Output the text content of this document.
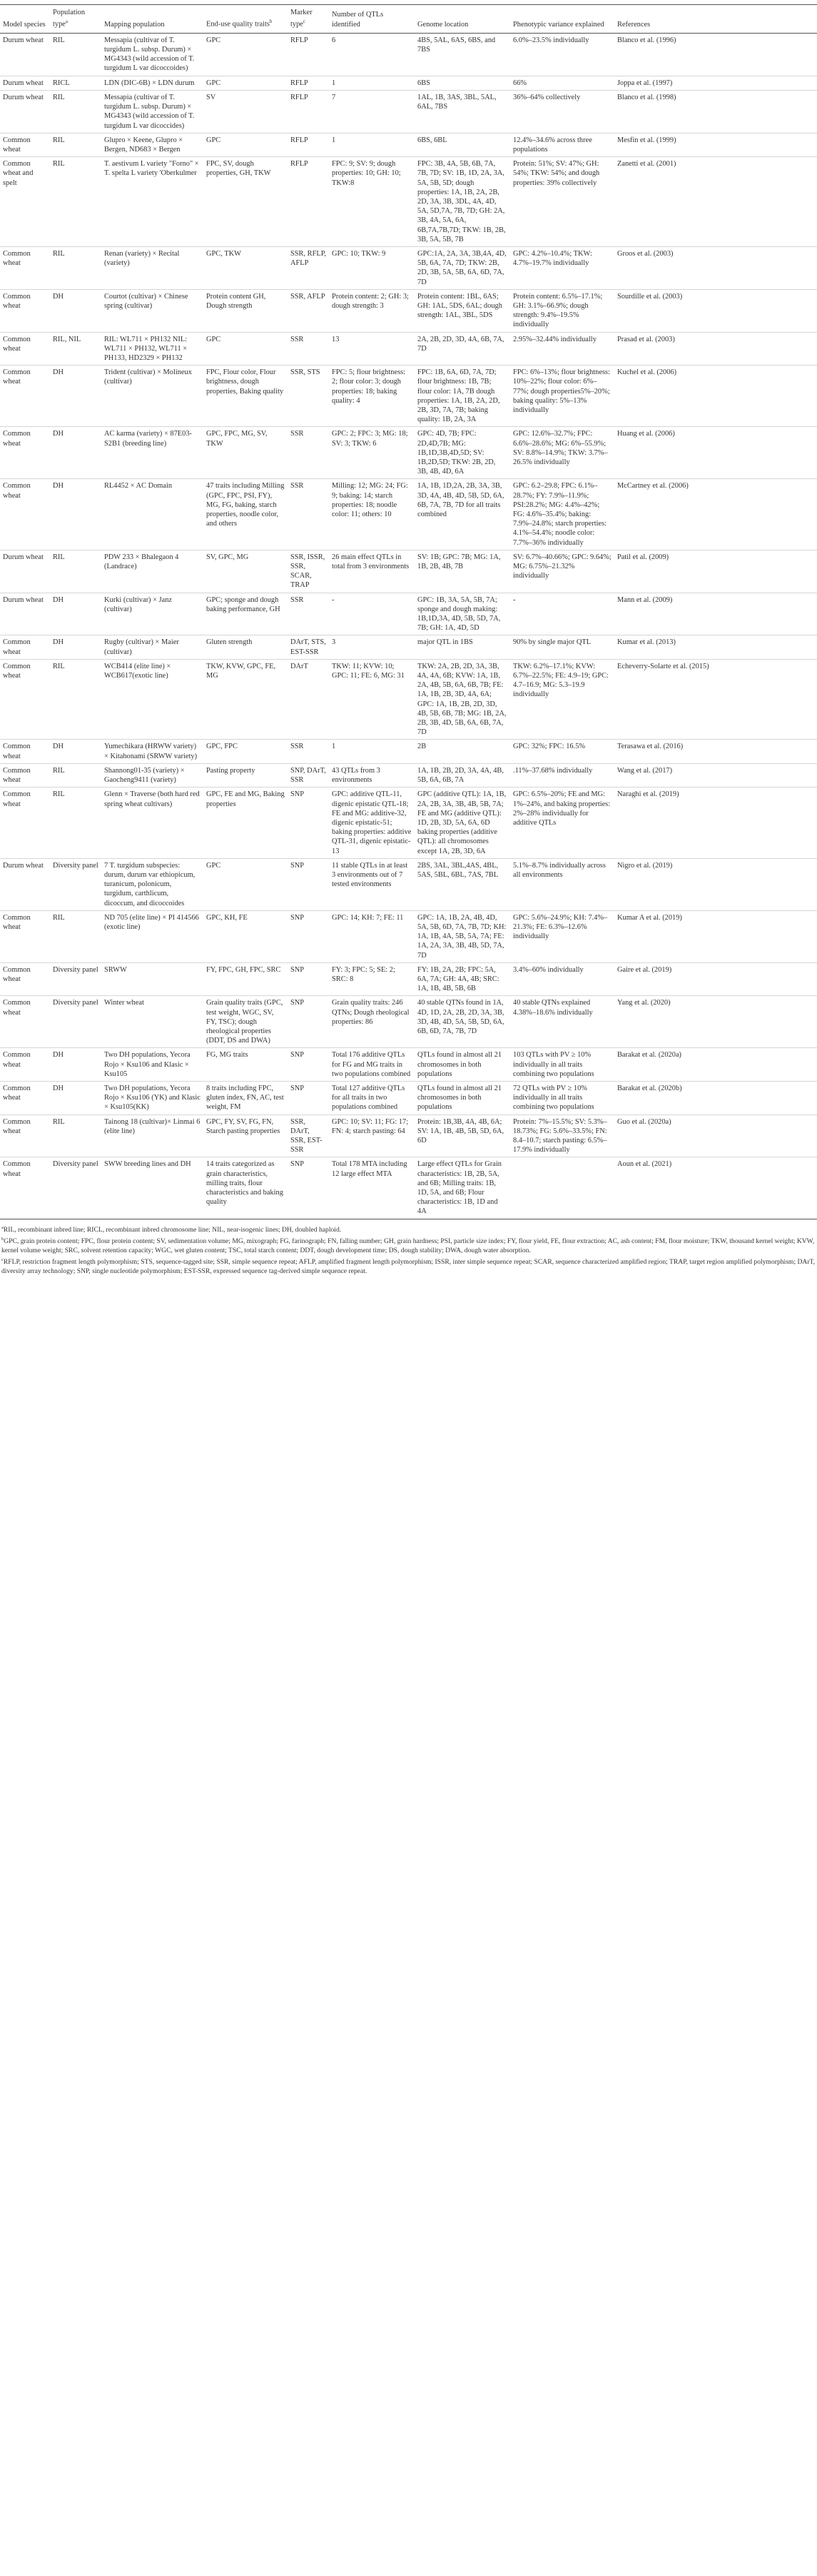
Model species	Population type$^a$	Mapping population	End-use quality traits$^b$	Marker type$^c$	Number of QTLs identified	Genome location	Phenotypic variance explained	References
Durum wheat	RIL	Messapia (cultivar of T. turgidum L. subsp. Durum) × MG4343 (wild accession of T. turgidum L var dicoccoides)	GPC	RFLP	6	4BS, 5AL, 6AS, 6BS, and 7BS	6.0%–23.5% individually	Blanco et al. (1996)
Durum wheat	RICL	LDN (DIC-6B) × LDN durum	GPC	RFLP	1	6BS	66%	Joppa et al. (1997)
Durum wheat	RIL	Messapia (cultivar of T. turgidum L. subsp. Durum) × MG4343 (wild accession of T. turgidum L var dicoccides)	SV	RFLP	7	1AL, 1B, 3AS, 3BL, 5AL, 6AL, 7BS	36%–64% collectively	Blanco et al. (1998)
Common wheat	RIL	Glupro × Keene, Glupro × Bergen, ND683 × Bergen	GPC	RFLP	1	6BS, 6BL	12.4%–34.6% across three populations	Mesfin et al. (1999)
Common wheat and spelt	RIL	T. aestivum L variety "Forno" × T. spelta L variety 'Oberkulmer	FPC, SV, dough properties, GH, TKW	RFLP	FPC: 9; SV: 9; dough properties: 10; GH: 10; TKW:8	FPC: 3B, 4A, 5B, 6B, 7A, 7B, 7D; SV: 1B, 1D, 2A, 3A, 5A, 5B, 5D; dough properties: 1A, 1B, 2A, 2B, 2D, 3A, 3B, 3DL, 4A, 4D, 5A, 5D,7A, 7B, 7D; GH: 2A, 3B, 4A, 5A, 6A, 6B,7A,7B,7D; TKW: 1B, 2B, 3B, 5A, 5B, 7B	Protein: 51%; SV: 47%; GH: 54%; TKW: 54%; and dough properties: 39% collectively	Zanetti et al. (2001)
Common wheat	RIL	Renan (variety) × Recital (variety)	GPC, TKW	SSR, RFLP, AFLP	GPC: 10; TKW: 9	GPC:1A, 2A, 3A, 3B,4A, 4D, 5B, 6A, 7A, 7D; TKW: 2B, 2D, 3B, 5A, 5B, 6A, 6D, 7A, 7D	GPC: 4.2%–10.4%; TKW: 4.7%–19.7% individually	Groos et al. (2003)
Common wheat	DH	Courtot (cultivar) × Chinese spring (cultivar)	Protein content GH, Dough strength	SSR, AFLP	Protein content: 2; GH: 3; dough strength: 3	Protein content: 1BL, 6AS; GH: 1AL, 5DS, 6AL; dough strength: 1AL, 3BL, 5DS	Protein content: 6.5%–17.1%; GH: 3.1%–66.9%; dough strength: 9.4%–19.5% individually	Sourdille et al. (2003)
Common wheat	RIL, NIL	RIL: WL711 × PH132 NIL: WL711 × PH132, WL711 × PH133, HD2329 × PH132	GPC	SSR	13	2A, 2B, 2D, 3D, 4A, 6B, 7A, 7D	2.95%–32.44% individually	Prasad et al. (2003)
Common wheat	DH	Trident (cultivar) × Molineux (cultivar)	FPC, Flour color, Flour brightness, dough properties, Baking quality	SSR, STS	FPC: 5; flour brightness: 2; flour color: 3; dough properties: 18; baking quality: 4	FPC: 1B, 6A, 6D, 7A, 7D; flour brightness: 1B, 7B; flour color: 1A, 7B dough properties: 1A, 1B, 2A, 2D, 2B, 3D, 7A, 7B; baking quality: 1B, 2A, 3A	FPC: 6%–13%; flour brightness: 10%–22%; flour color: 6%–77%; dough properties5%–20%; baking quality: 5%–13% individually	Kuchel et al. (2006)
Common wheat	DH	AC karma (variety) × 87E03-S2B1 (breeding line)	GPC, FPC, MG, SV, TKW	SSR	GPC: 2; FPC: 3; MG: 18; SV: 3; TKW: 6	GPC: 4D, 7B; FPC: 2D,4D,7B; MG: 1B,1D,3B,4D,5D; SV: 1B,2D,5D; TKW: 2B, 2D, 3B, 4B, 4D, 6A	GPC: 12.6%–32.7%; FPC: 6.6%–28.6%; MG: 6%–55.9%; SV: 8.8%–14.9%; TKW: 3.7%–26.5% individually	Huang et al. (2006)
Common wheat	DH	RL4452 × AC Domain	47 traits including Milling (GPC, FPC, PSI, FY), MG, FG, baking, starch properties, noodle color, and others	SSR	Milling: 12; MG: 24; FG: 9; baking: 14; starch properties: 18; noodle color: 11; others: 10	1A, 1B, 1D,2A, 2B, 3A, 3B, 3D, 4A, 4B, 4D, 5B, 5D, 6A, 6B, 7A, 7B, 7D for all traits combined	GPC: 6.2–29.8; FPC: 6.1%–28.7%; FY: 7.9%–11.9%; PSI:28.2%; MG: 4.4%–42%; FG: 4.6%–35.4%; baking: 7.9%–24.8%; starch properties: 4.1%–54.4%; noodle color: 7.7%–36% individually	McCartney et al. (2006)
Durum wheat	RIL	PDW 233 × Bhalegaon 4 (Landrace)	SV, GPC, MG	SSR, ISSR, SSR, SCAR, TRAP	26 main effect QTLs in total from 3 environments	SV: 1B; GPC: 7B; MG: 1A, 1B, 2B, 4B, 7B	SV: 6.7%–40.66%; GPC: 9.64%; MG: 6.75%–21.32% individually	Patil et al. (2009)
Durum wheat	DH	Kurki (cultivar) × Janz (cultivar)	GPC; sponge and dough baking performance, GH	SSR	-	GPC: 1B, 3A, 5A, 5B, 7A; sponge and dough making: 1B,1D,3A, 4D, 5B, 5D, 7A, 7B; GH: 1A, 4D, 5D	-	Mann et al. (2009)
Common wheat	DH	Rugby (cultivar) × Maier (cultivar)	Gluten strength	DArT, STS, EST-SSR	3	major QTL in 1BS	90% by single major QTL	Kumar et al. (2013)
Common wheat	RIL	WCB414 (elite line) × WCB617(exotic line)	TKW, KVW, GPC, FE, MG	DArT	TKW: 11; KVW: 10; GPC: 11; FE: 6, MG: 31	TKW: 2A, 2B, 2D, 3A, 3B, 4A, 4A, 6B; KVW: 1A, 1B, 2A, 4B, 5B, 6A, 6B, 7B; FE: 1A, 1B, 2B, 3D, 4A, 6A; GPC: 1A, 1B, 2B, 2D, 3D, 4B, 5B, 6B, 7B; MG: 1B, 2A, 2B, 3B, 4D, 5B, 6A, 6B, 7A, 7D	TKW: 6.2%–17.1%; KVW: 6.7%–22.5%; FE: 4.9–19; GPC: 4.7–16.9; MG: 5.3–19.9 individually	Echeverry-Solarte et al. (2015)
Common wheat	DH	Yumechikara (HRWW variety) × Kitahonami (SRWW variety)	GPC, FPC	SSR	1	2B	GPC: 32%; FPC: 16.5%	Terasawa et al. (2016)
Common wheat	RIL	Shannong01-35 (variety) × Gaocheng9411 (variety)	Pasting property	SNP, DArT, SSR	43 QTLs from 3 environments	1A, 1B, 2B, 2D, 3A, 4A, 4B, 5B, 6A, 6B, 7A	.11%–37.68% individually	Wang et al. (2017)
Common wheat	RIL	Glenn × Traverse (both hard red spring wheat cultivars)	GPC, FE and MG, Baking properties	SNP	GPC: additive QTL-11, digenic epistatic QTL-18; FE and MG: additive-32, digenic epistatic-51; baking properties: additive QTL-31, digenic epistatic-13	GPC (additive QTL): 1A, 1B, 2A, 2B, 3A, 3B, 4B, 5B, 7A; FE and MG (additive QTL): 1D, 2B, 3D, 5A, 6A, 6D baking properties (additive QTL): all chromosomes except 1A, 2B, 3D, 6A	GPC: 6.5%–20%; FE and MG: 1%–24%, and baking properties: 2%–28% individually for additive QTLs	Naraghi et al. (2019)
Durum wheat	Diversity panel	7 T. turgidum subspecies: durum, durum var ethiopicum, turanicum, polonicum, turgidum, carthlicum, dicoccum, and dicoccoides	GPC	SNP	11 stable QTLs in at least 3 environments out of 7 tested environments	2BS, 3AL, 3BL,4AS, 4BL, 5AS, 5BL, 6BL, 7AS, 7BL	5.1%–8.7% individually across all environments	Nigro et al. (2019)
Common wheat	RIL	ND 705 (elite line) × PI 414566 (exotic line)	GPC, KH, FE	SNP	GPC: 14; KH: 7; FE: 11	GPC: 1A, 1B, 2A, 4B, 4D, 5A, 5B, 6D, 7A, 7B, 7D; KH: 1A, 1B, 4A, 5B, 5A, 7A; FE: 1A, 2A, 3A, 3B, 4B, 5D, 7A, 7D	GPC: 5.6%–24.9%; KH: 7.4%–21.3%; FE: 6.3%–12.6% individually	Kumar A et al. (2019)
Common wheat	Diversity panel	SRWW	FY, FPC, GH, FPC, SRC	SNP	FY: 3; FPC: 5; SE: 2; SRC: 8	FY: 1B, 2A, 2B; FPC: 5A, 6A, 7A; GH: 4A, 4B; SRC: 1A, 1B, 4B, 5B, 6B	3.4%–60% individually	Gaire et al. (2019)
Common wheat	Diversity panel	Winter wheat	Grain quality traits (GPC, test weight, WGC, SV, FY, TSC); dough rheological properties (DDT, DS and DWA)	SNP	Grain quality traits: 246 QTNs; Dough rheological properties: 86	40 stable QTNs found in 1A, 4D, 1D, 2A, 2B, 2D, 3A, 3B, 3D, 4B, 4D, 5A, 5B, 5D, 6A, 6B, 6D, 7A, 7B, 7D	40 stable QTNs explained 4.38%–18.6% individually	Yang et al. (2020)
Common wheat	DH	Two DH populations, Yecora Rojo × Ksu106 and Klasic × Ksu105	FG, MG traits	SNP	Total 176 additive QTLs for FG and MG traits in two populations combined	QTLs found in almost all 21 chromosomes in both populations	103 QTLs with PV ≥ 10% individually in all traits combining two populations	Barakat et al. (2020a)
Common wheat	DH	Two DH populations, Yecora Rojo × Ksu106 (YK) and Klasic × Ksu105(KK)	8 traits including FPC, gluten index, FN, AC, test weight, FM	SNP	Total 127 additive QTLs for all traits in two populations combined	QTLs found in almost all 21 chromosomes in both populations	72 QTLs with PV ≥ 10% individually in all traits combining two populations	Barakat et al. (2020b)
Common wheat	RIL	Tainong 18 (cultivar)× Linmai 6 (elite line)	GPC, FY, SV, FG, FN, Starch pasting properties	SSR, DArT, SSR, EST-SSR	GPC: 10; SV: 11; FG: 17; FN: 4; starch pasting: 64	Protein: 1B,3B, 4A, 4B, 6A; SV: 1A, 1B, 4B, 5B, 5D, 6A, 6D	Protein: 7%–15.5%; SV: 5.3%–18.73%; FG: 5.6%–33.5%; FN: 8.4–10.7; starch pasting: 6.5%–17.9% individually	Guo et al. (2020a)
Common wheat	Diversity panel	SWW breeding lines and DH	14 traits categorized as grain characteristics, milling traits, flour characteristics and baking quality	SNP	Total 178 MTA including 12 large effect MTA	Large effect QTLs for Grain characteristics: 1B, 2B, 5A, and 6B; Milling traits: 1B, 1D, 5A, and 6B; Flour characteristics: 1B, 1D and 4A		Aoun et al. (2021)

$^a$RIL, recombinant inbred line; RICL, recombinant inbred chromosome line; NIL, near-isogenic lines; DH, doubled haploid.

$^b$GPC, grain protein content; FPC, flour protein content; SV, sedimentation volume; MG, mixograph; FG, farinograph; FN, falling number; GH, grain hardness; PSI, particle size index; FY, flour yield, FE, flour extraction; AC, ash content; FM, flour moisture; TKW, thousand kernel weight; KVW, kernel volume weight; SRC, solvent retention capacity; WGC, wet gluten content; TSC, total starch content; DDT, dough development time; DS, dough stability; DWA, dough water absorption.

$^c$RFLP, restriction fragment length polymorphism; STS, sequence-tagged site; SSR, simple sequence repeat; AFLP, amplified fragment length polymorphism; ISSR, inter simple sequence repeat; SCAR, sequence characterized amplified region; TRAP, target region amplified polymorphism; DArT, diversity array technology; SNP, single nucleotide polymorphism; EST-SSR, expressed sequence tag-derived simple sequence repeat.
